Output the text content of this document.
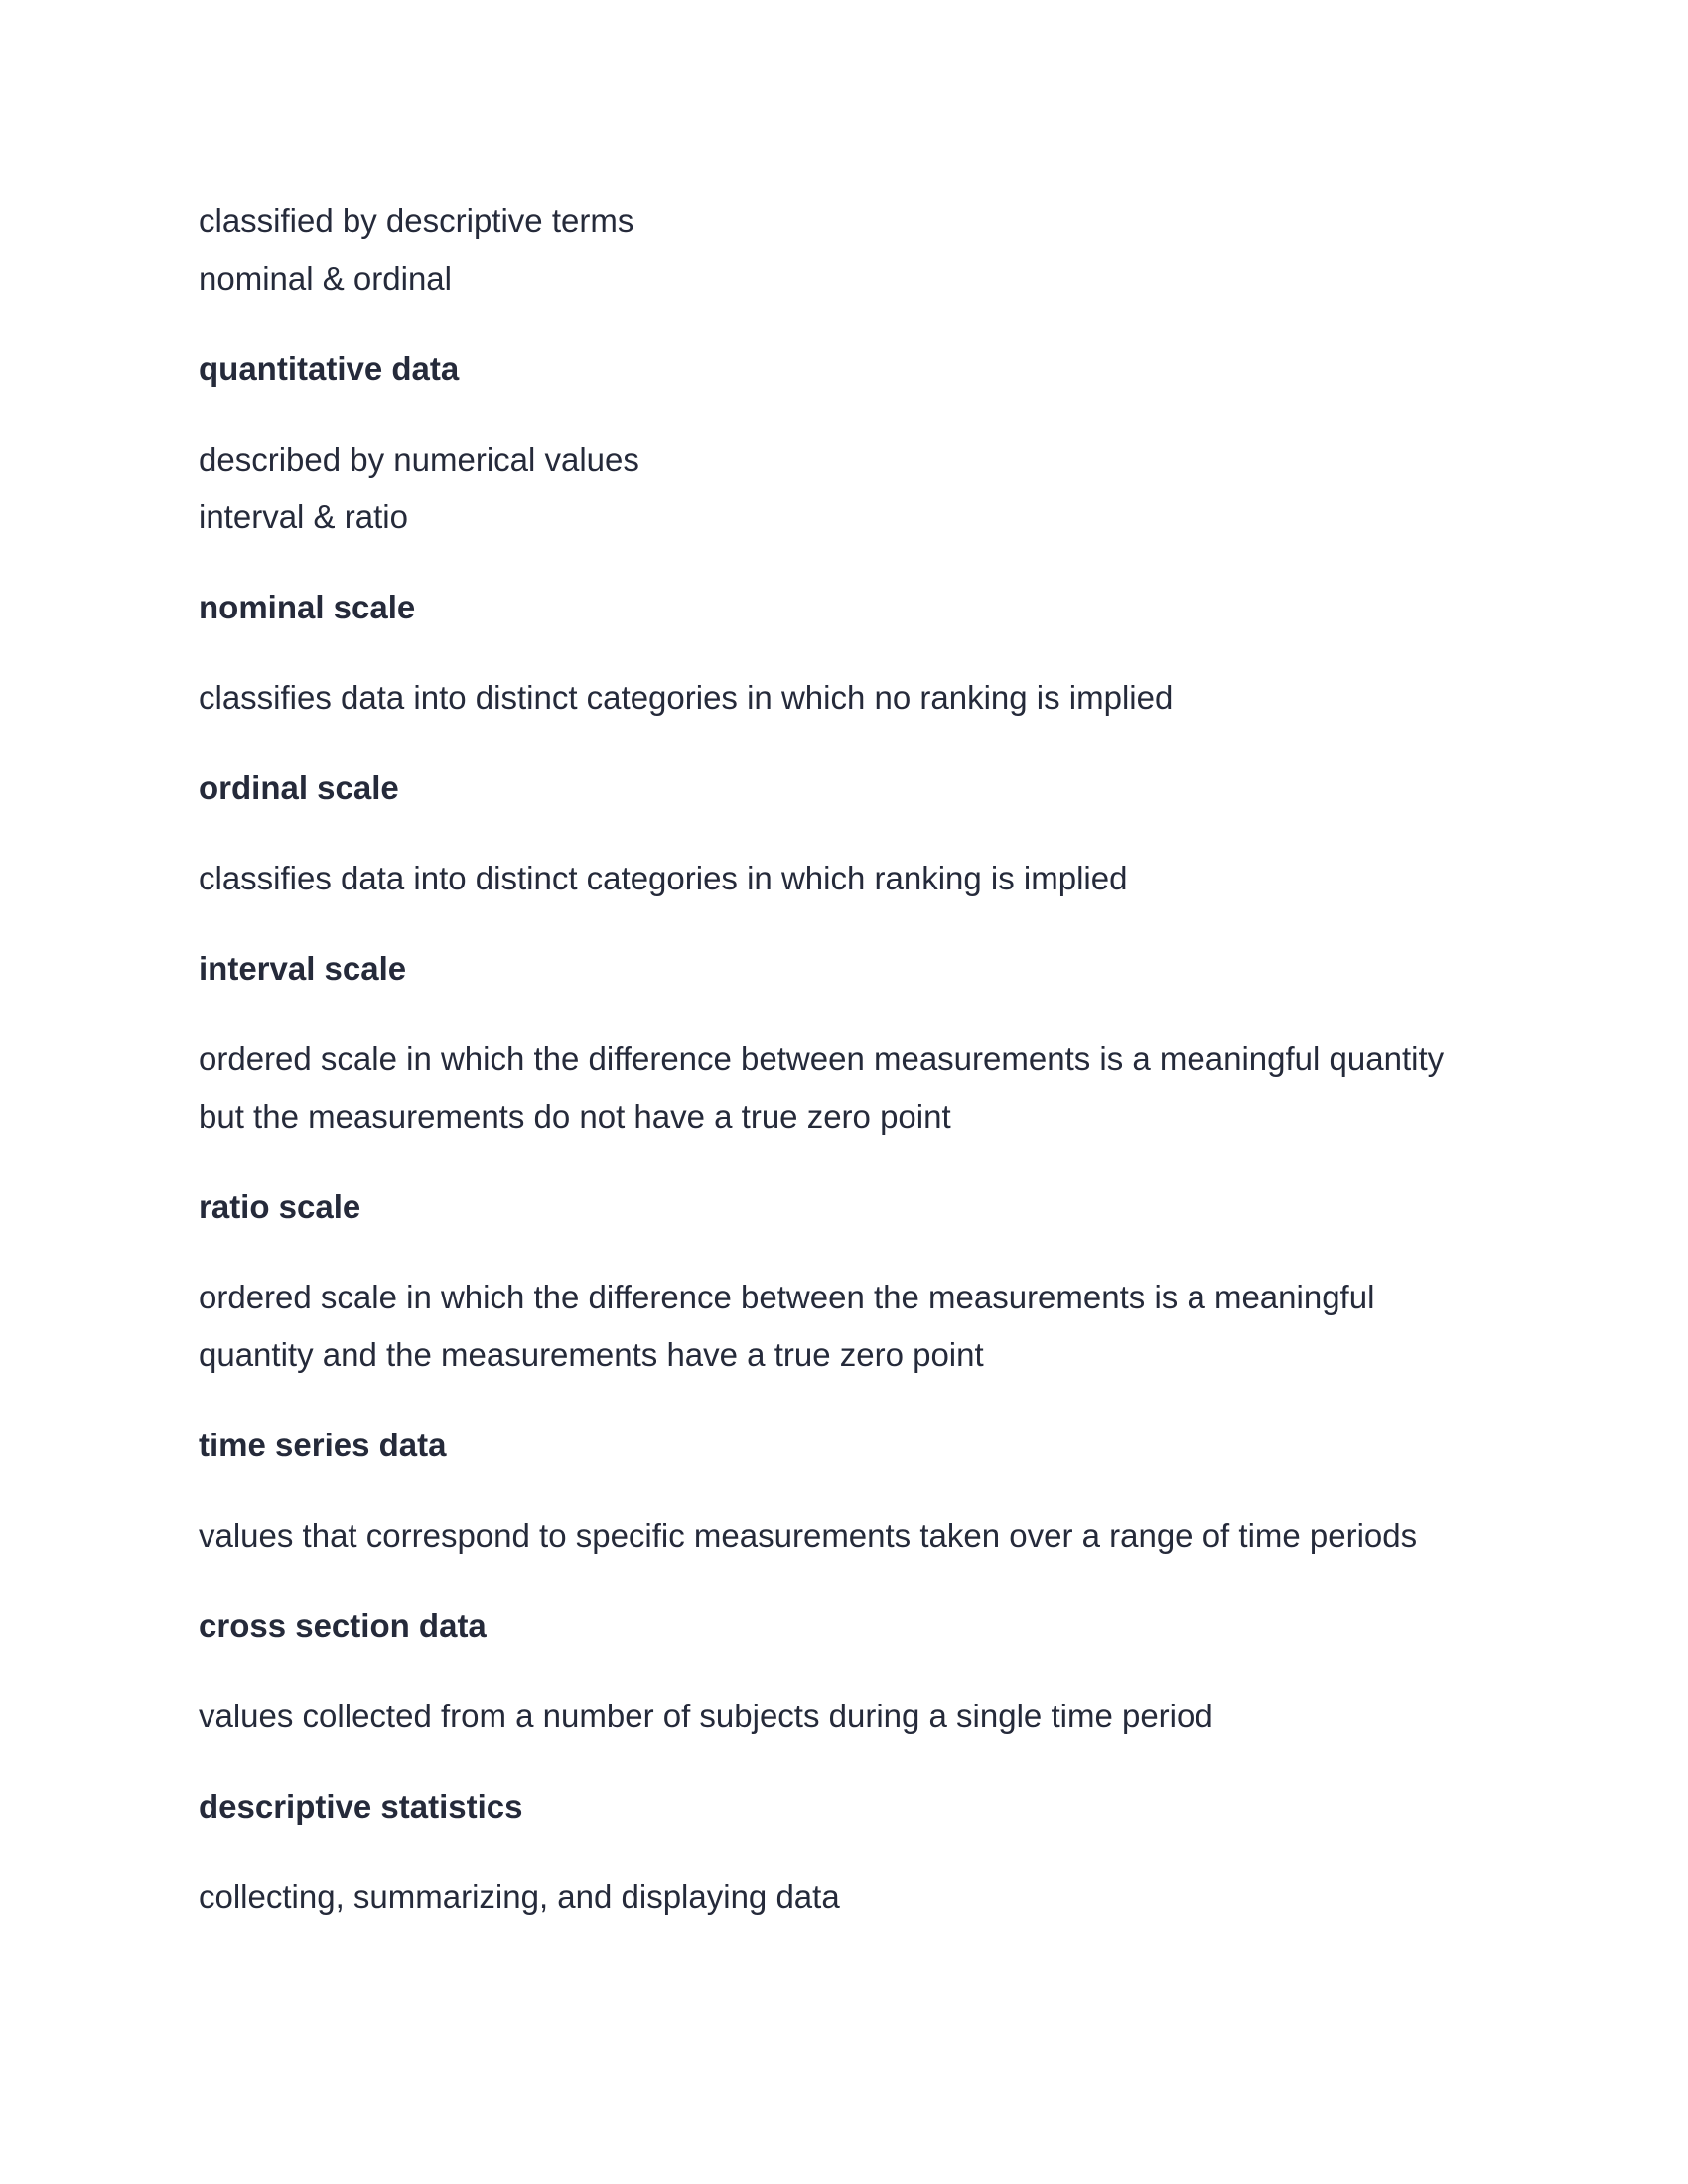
classified by descriptive terms

nominal & ordinal

quantitative data

described by numerical values

interval & ratio

nominal scale

classifies data into distinct categories in which no ranking is implied

ordinal scale

classifies data into distinct categories in which ranking is implied

interval scale

ordered scale in which the difference between measurements is a meaningful quantity

but the measurements do not have a true zero point

ratio scale

ordered scale in which the difference between the measurements is a meaningful

quantity and the measurements have a true zero point

time series data

values that correspond to specific measurements taken over a range of time periods

cross section data

values collected from a number of subjects during a single time period

descriptive statistics

collecting, summarizing, and displaying data
